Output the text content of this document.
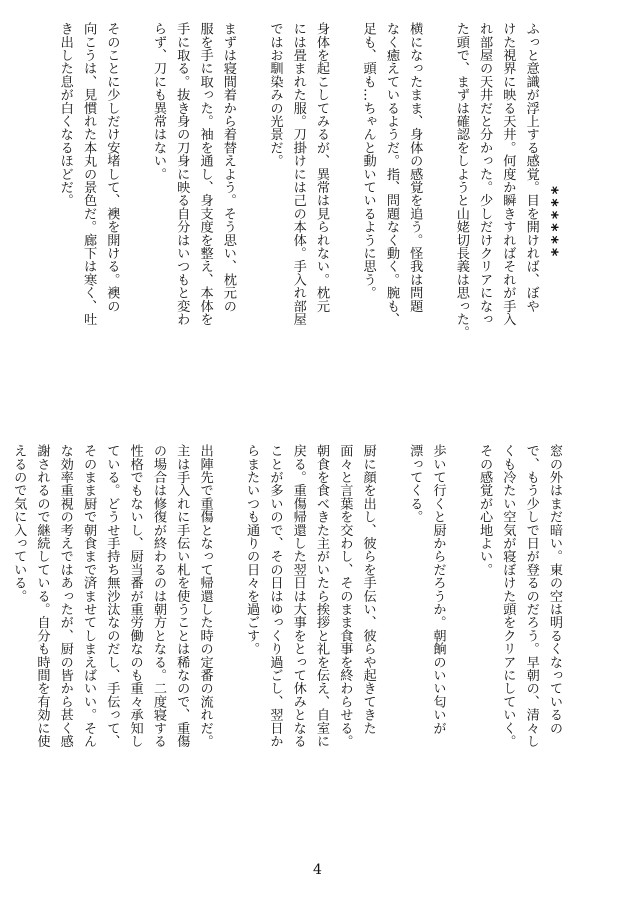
ふっと意識が浮上する感覚。目を開ければ、ぼや
けた視界に映る天井。何度か瞬きすればそれが手入
れ部屋の天井だと分かった。少しだけクリアになっ
た頭で、まずは確認をしようと山姥切長義は思った。

横になったまま、身体の感覚を追う。怪我は問題
なく癒えているようだ。指、問題なく動く。腕も、
足も、頭も…ちゃんと動いているように思う。

身体を起こしてみるが、異常は見られない。枕元
には畳まれた服。刀掛けには己の本体。手入れ部屋
ではお馴染みの光景だ。

まずは寝間着から着替えよう。そう思い、枕元の
服を手に取った。袖を通し、身支度を整え、本体を
手に取る。抜き身の刀身に映る自分はいつもと変わ
らず、刀にも異常はない。

そのことに少しだけ安堵して、襖を開ける。襖の
向こうは、見慣れた本丸の景色だ。廊下は寒く、吐
き出した息が白くなるほどだ。
窓の外はまだ暗い。東の空は明るくなっているの
で、もう少しで日が登るのだろう。早朝の、清々し
くも冷たい空気が寝ぼけた頭をクリアにしていく。
その感覚が心地よい。

歩いて行くと厨からだろうか。朝餉のいい匂いが
漂ってくる。

厨に顔を出し、彼らを手伝い、彼らや起きてきた
面々と言葉を交わし、そのまま食事を終わらせる。
朝食を食べきた主がいたら挨拶と礼を伝え、自室に
戻る。重傷帰還した翌日は大事をとって休みとなる
ことが多いので、その日はゆっくり過ごし、翌日か
らまたいつも通りの日々を過ごす。

出陣先で重傷となって帰還した時の定番の流れだ。
主は手入れに手伝い札を使うことは稀なので、重傷
の場合は修復が終わるのは朝方となる。二度寝する
性格でもないし、厨当番が重労働なのも重々承知し
ている。どうせ手持ち無沙汰なのだし、手伝って、
そのまま厨で朝食まで済ませてしまえばいい。そん
な効率重視の考えではあったが、厨の皆から甚く感
謝されるので継続している。自分も時間を有効に使
えるので気に入っている。
******
4
